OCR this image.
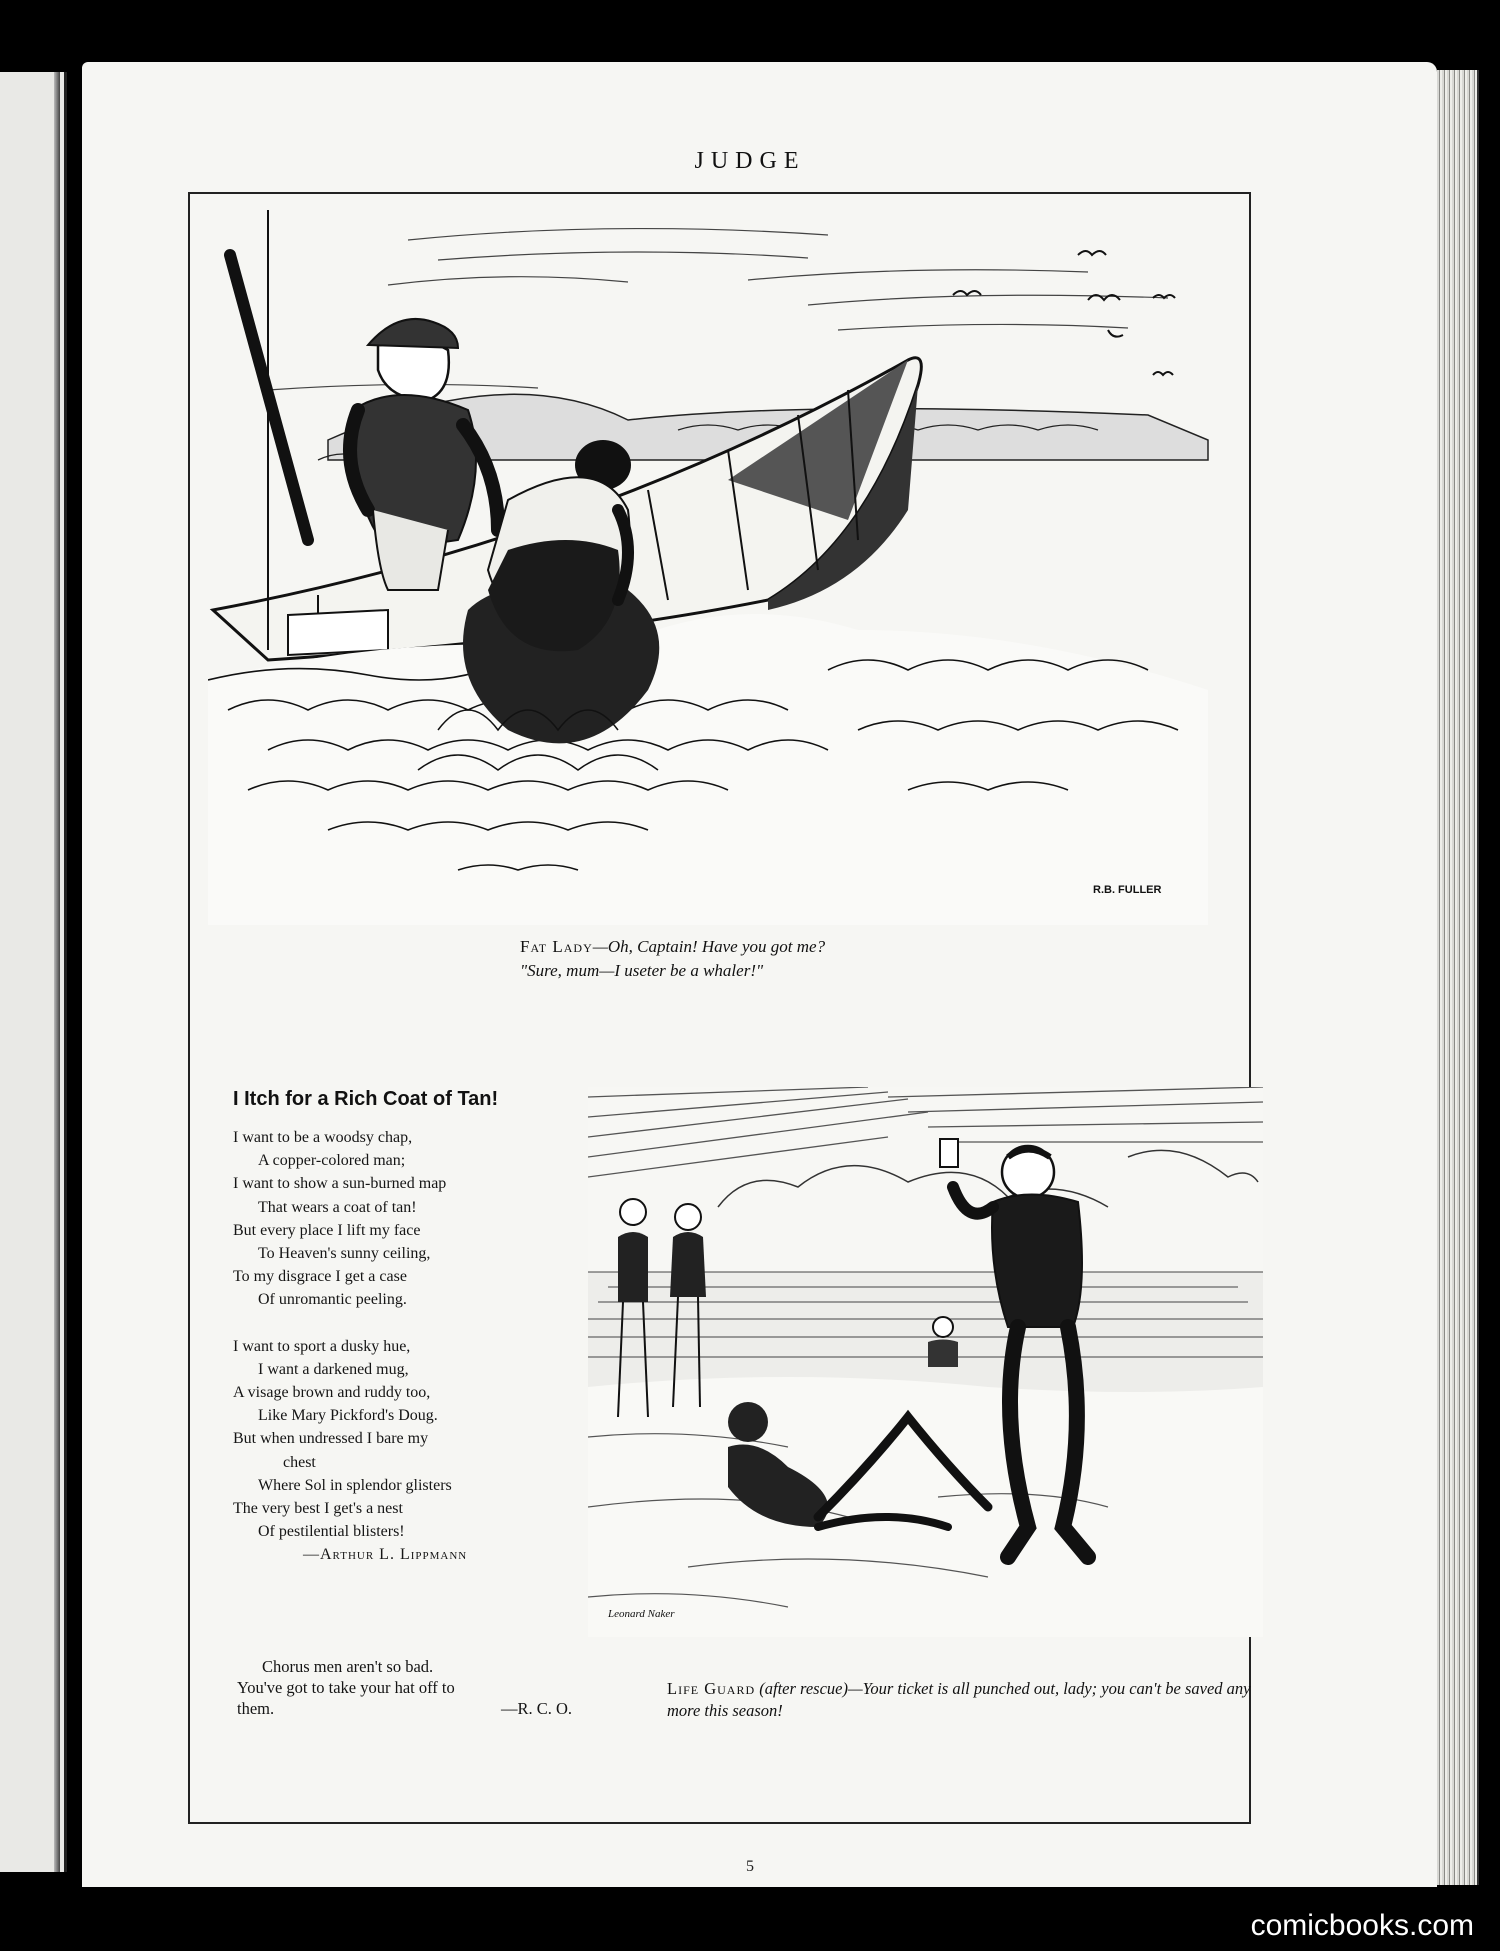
JUDGE
R.B. FULLER
Fat Lady—Oh, Captain! Have you got me?
"Sure, mum—I useter be a whaler!"
I Itch for a Rich Coat of Tan!
I want to be a woodsy chap,
A copper-colored man;
I want to show a sun-burned map
That wears a coat of tan!
But every place I lift my face
To Heaven's sunny ceiling,
To my disgrace I get a case
Of unromantic peeling.
I want to sport a dusky hue,
I want a darkened mug,
A visage brown and ruddy too,
Like Mary Pickford's Doug.
But when undressed I bare my
chest
Where Sol in splendor glisters
The very best I get's a nest
Of pestilential blisters!
—Arthur L. Lippmann
Chorus men aren't so bad.
You've got to take your hat off to
them.	—R. C. O.
Leonard Naker
Life Guard (after rescue)—Your ticket is all punched out, lady; you can't be saved any more this season!
5
comicbooks.com
